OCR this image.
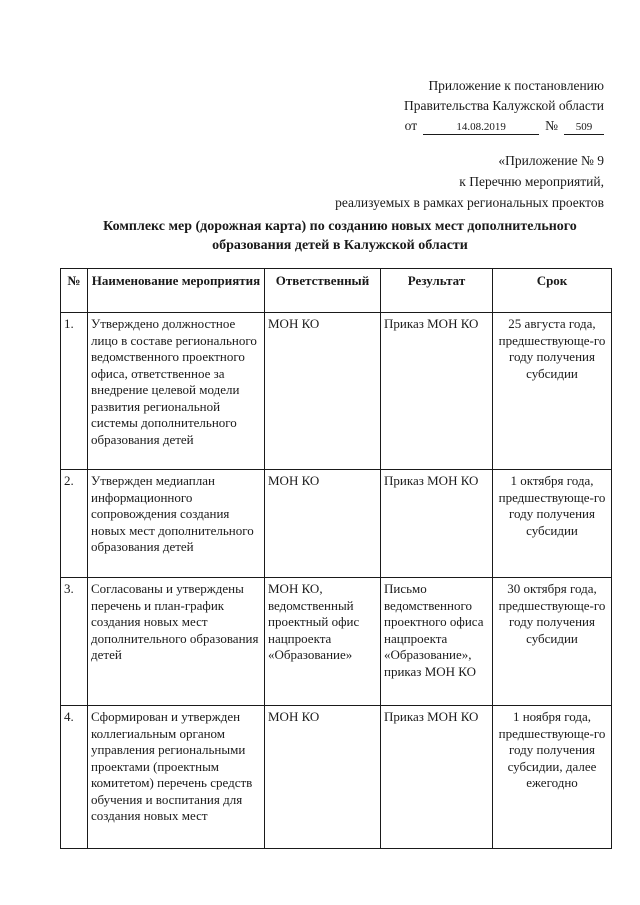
Приложение к постановлению
Правительства Калужской области
от	14.08.2019	№	509
«Приложение № 9
к Перечню мероприятий,
реализуемых в рамках региональных проектов
Комплекс мер (дорожная карта) по созданию новых мест дополнительного
образования детей в Калужской области
№	Наименование мероприятия	Ответственный	Результат	Срок
1.	Утверждено должностное лицо в составе регионального ведомственного проектного офиса, ответственное за внедрение целевой модели развития региональной системы дополнительного образования детей	МОН КО	Приказ МОН КО	25 августа года, предшествующе-го году получения субсидии
2.	Утвержден медиаплан информационного сопровождения создания новых мест дополнительного образования детей	МОН КО	Приказ МОН КО	1 октября года, предшествующе-го году получения субсидии
3.	Согласованы и утверждены перечень и план-график создания новых мест дополнительного образования детей	МОН КО, ведомственный проектный офис нацпроекта «Образование»	Письмо ведомственного проектного офиса нацпроекта «Образование», приказ МОН КО	30 октября года, предшествующе-го году получения субсидии
4.	Сформирован и утвержден коллегиальным органом управления региональными проектами (проектным комитетом) перечень средств обучения и воспитания для создания новых мест	МОН КО	Приказ МОН КО	1 ноября года, предшествующе-го году получения субсидии, далее ежегодно
